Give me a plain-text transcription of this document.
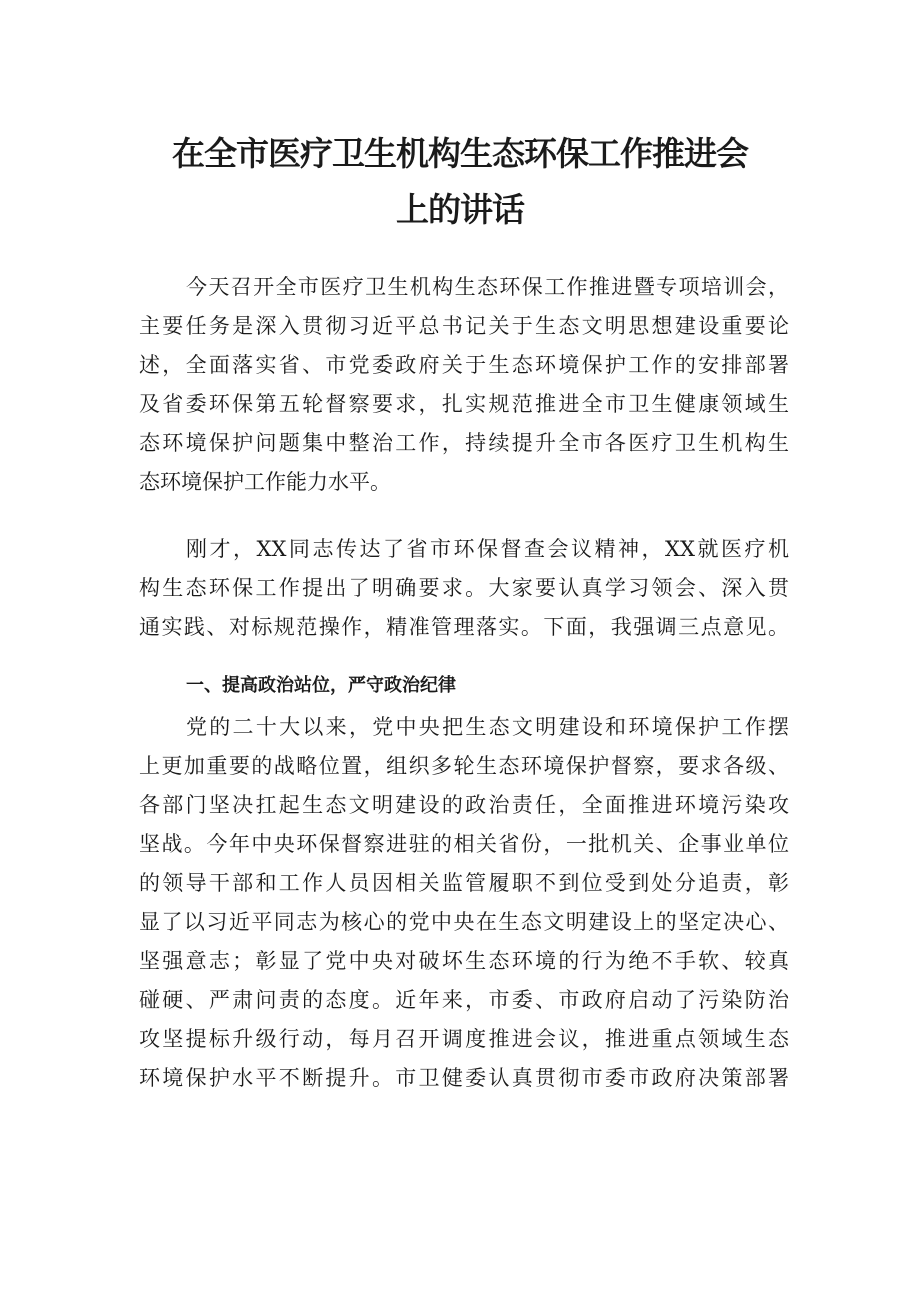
在全市医疗卫生机构生态环保工作推进会
上的讲话

今天召开全市医疗卫生机构生态环保工作推进暨专项培训会，
主要任务是深入贯彻习近平总书记关于生态文明思想建设重要论
述，全面落实省、市党委政府关于生态环境保护工作的安排部署
及省委环保第五轮督察要求，扎实规范推进全市卫生健康领域生
态环境保护问题集中整治工作，持续提升全市各医疗卫生机构生
态环境保护工作能力水平。

刚才，XX同志传达了省市环保督查会议精神，XX就医疗机
构生态环保工作提出了明确要求。大家要认真学习领会、深入贯
通实践、对标规范操作，精准管理落实。下面，我强调三点意见。

一、提高政治站位，严守政治纪律

党的二十大以来，党中央把生态文明建设和环境保护工作摆
上更加重要的战略位置，组织多轮生态环境保护督察，要求各级、
各部门坚决扛起生态文明建设的政治责任，全面推进环境污染攻
坚战。今年中央环保督察进驻的相关省份，一批机关、企事业单位
的领导干部和工作人员因相关监管履职不到位受到处分追责，彰
显了以习近平同志为核心的党中央在生态文明建设上的坚定决心、
坚强意志；彰显了党中央对破坏生态环境的行为绝不手软、较真
碰硬、严肃问责的态度。近年来，市委、市政府启动了污染防治
攻坚提标升级行动，每月召开调度推进会议，推进重点领域生态
环境保护水平不断提升。市卫健委认真贯彻市委市政府决策部署
